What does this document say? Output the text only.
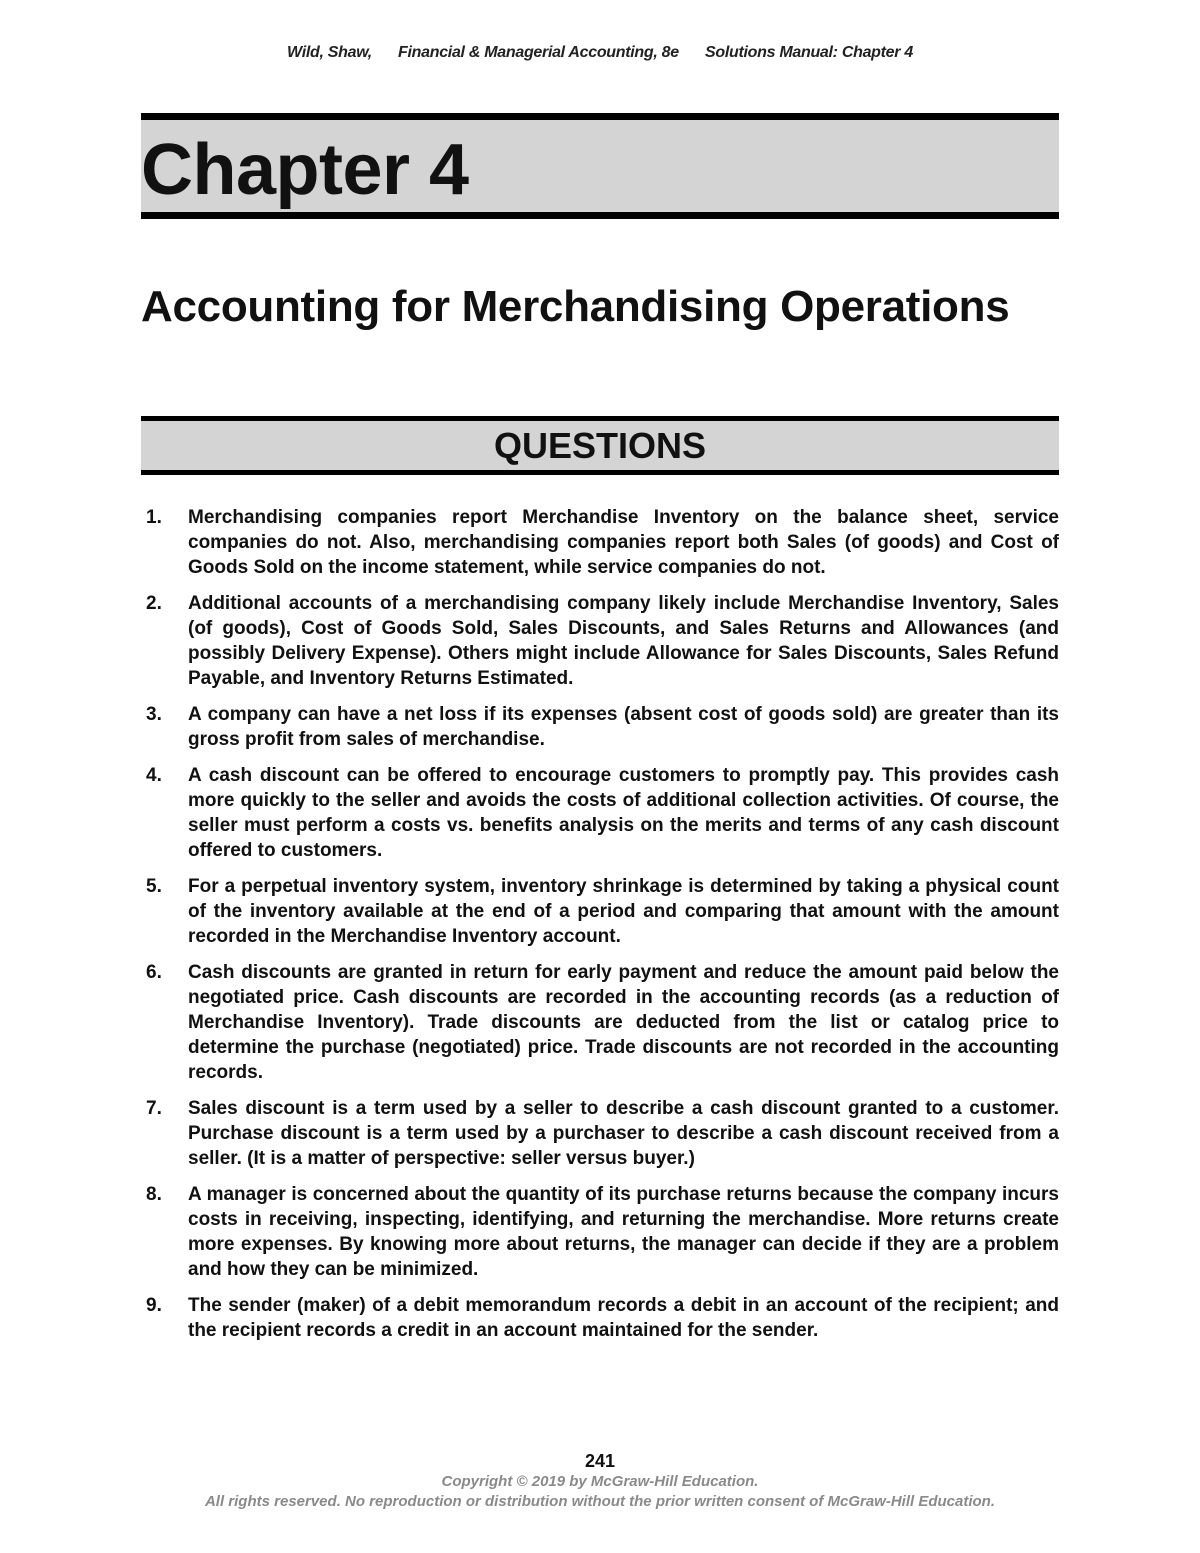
Wild, Shaw, Financial & Managerial Accounting, 8e Solutions Manual: Chapter 4
Chapter 4
Accounting for Merchandising Operations
QUESTIONS
1. Merchandising companies report Merchandise Inventory on the balance sheet, service companies do not. Also, merchandising companies report both Sales (of goods) and Cost of Goods Sold on the income statement, while service companies do not.
2. Additional accounts of a merchandising company likely include Merchandise Inventory, Sales (of goods), Cost of Goods Sold, Sales Discounts, and Sales Returns and Allowances (and possibly Delivery Expense). Others might include Allowance for Sales Discounts, Sales Refund Payable, and Inventory Returns Estimated.
3. A company can have a net loss if its expenses (absent cost of goods sold) are greater than its gross profit from sales of merchandise.
4. A cash discount can be offered to encourage customers to promptly pay. This provides cash more quickly to the seller and avoids the costs of additional collection activities. Of course, the seller must perform a costs vs. benefits analysis on the merits and terms of any cash discount offered to customers.
5. For a perpetual inventory system, inventory shrinkage is determined by taking a physical count of the inventory available at the end of a period and comparing that amount with the amount recorded in the Merchandise Inventory account.
6. Cash discounts are granted in return for early payment and reduce the amount paid below the negotiated price. Cash discounts are recorded in the accounting records (as a reduction of Merchandise Inventory). Trade discounts are deducted from the list or catalog price to determine the purchase (negotiated) price. Trade discounts are not recorded in the accounting records.
7. Sales discount is a term used by a seller to describe a cash discount granted to a customer. Purchase discount is a term used by a purchaser to describe a cash discount received from a seller. (It is a matter of perspective: seller versus buyer.)
8. A manager is concerned about the quantity of its purchase returns because the company incurs costs in receiving, inspecting, identifying, and returning the merchandise. More returns create more expenses. By knowing more about returns, the manager can decide if they are a problem and how they can be minimized.
9. The sender (maker) of a debit memorandum records a debit in an account of the recipient; and the recipient records a credit in an account maintained for the sender.
241
Copyright © 2019 by McGraw-Hill Education.
All rights reserved. No reproduction or distribution without the prior written consent of McGraw-Hill Education.
